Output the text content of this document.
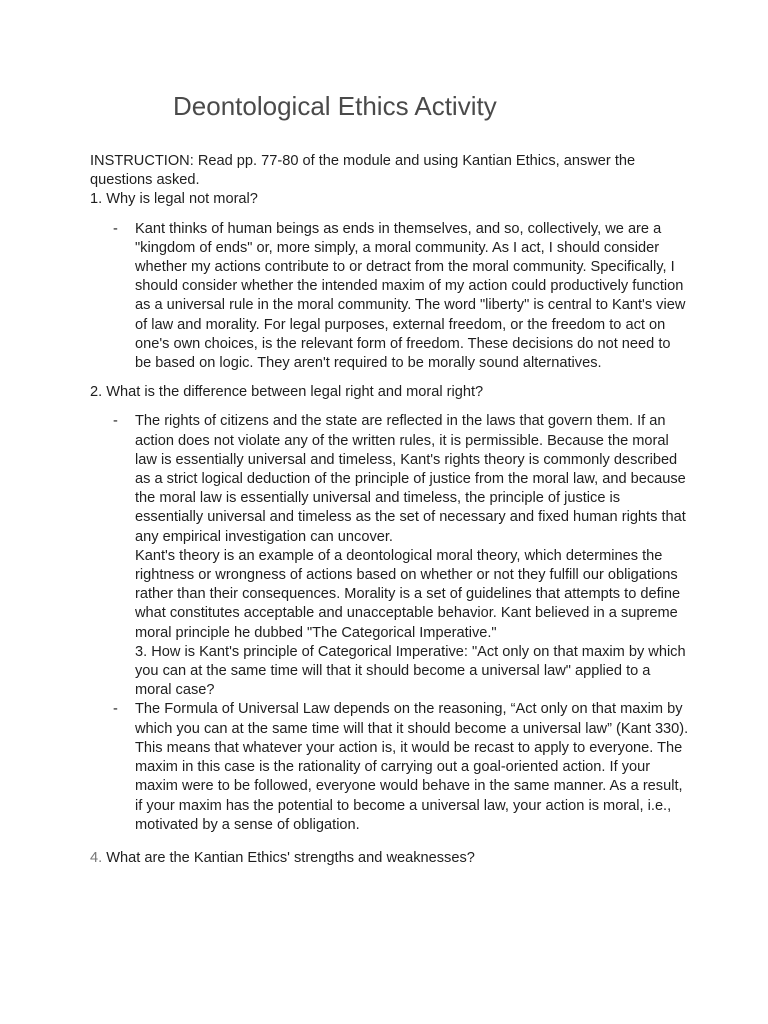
Deontological Ethics Activity

INSTRUCTION: Read pp. 77-80 of the module and using Kantian Ethics, answer the questions asked.

1. Why is legal not moral?

- Kant thinks of human beings as ends in themselves, and so, collectively, we are a "kingdom of ends" or, more simply, a moral community. As I act, I should consider whether my actions contribute to or detract from the moral community. Specifically, I should consider whether the intended maxim of my action could productively function as a universal rule in the moral community. The word "liberty" is central to Kant's view of law and morality. For legal purposes, external freedom, or the freedom to act on one's own choices, is the relevant form of freedom. These decisions do not need to be based on logic. They aren't required to be morally sound alternatives.

2. What is the difference between legal right and moral right?

- The rights of citizens and the state are reflected in the laws that govern them. If an action does not violate any of the written rules, it is permissible. Because the moral law is essentially universal and timeless, Kant's rights theory is commonly described as a strict logical deduction of the principle of justice from the moral law, and because the moral law is essentially universal and timeless, the principle of justice is essentially universal and timeless as the set of necessary and fixed human rights that any empirical investigation can uncover.

Kant's theory is an example of a deontological moral theory, which determines the rightness or wrongness of actions based on whether or not they fulfill our obligations rather than their consequences. Morality is a set of guidelines that attempts to define what constitutes acceptable and unacceptable behavior. Kant believed in a supreme moral principle he dubbed "The Categorical Imperative."

3. How is Kant's principle of Categorical Imperative: "Act only on that maxim by which you can at the same time will that it should become a universal law" applied to a moral case?

- The Formula of Universal Law depends on the reasoning, “Act only on that maxim by which you can at the same time will that it should become a universal law” (Kant 330). This means that whatever your action is, it would be recast to apply to everyone. The maxim in this case is the rationality of carrying out a goal-oriented action. If your maxim were to be followed, everyone would behave in the same manner. As a result, if your maxim has the potential to become a universal law, your action is moral, i.e., motivated by a sense of obligation.

4. What are the Kantian Ethics' strengths and weaknesses?
